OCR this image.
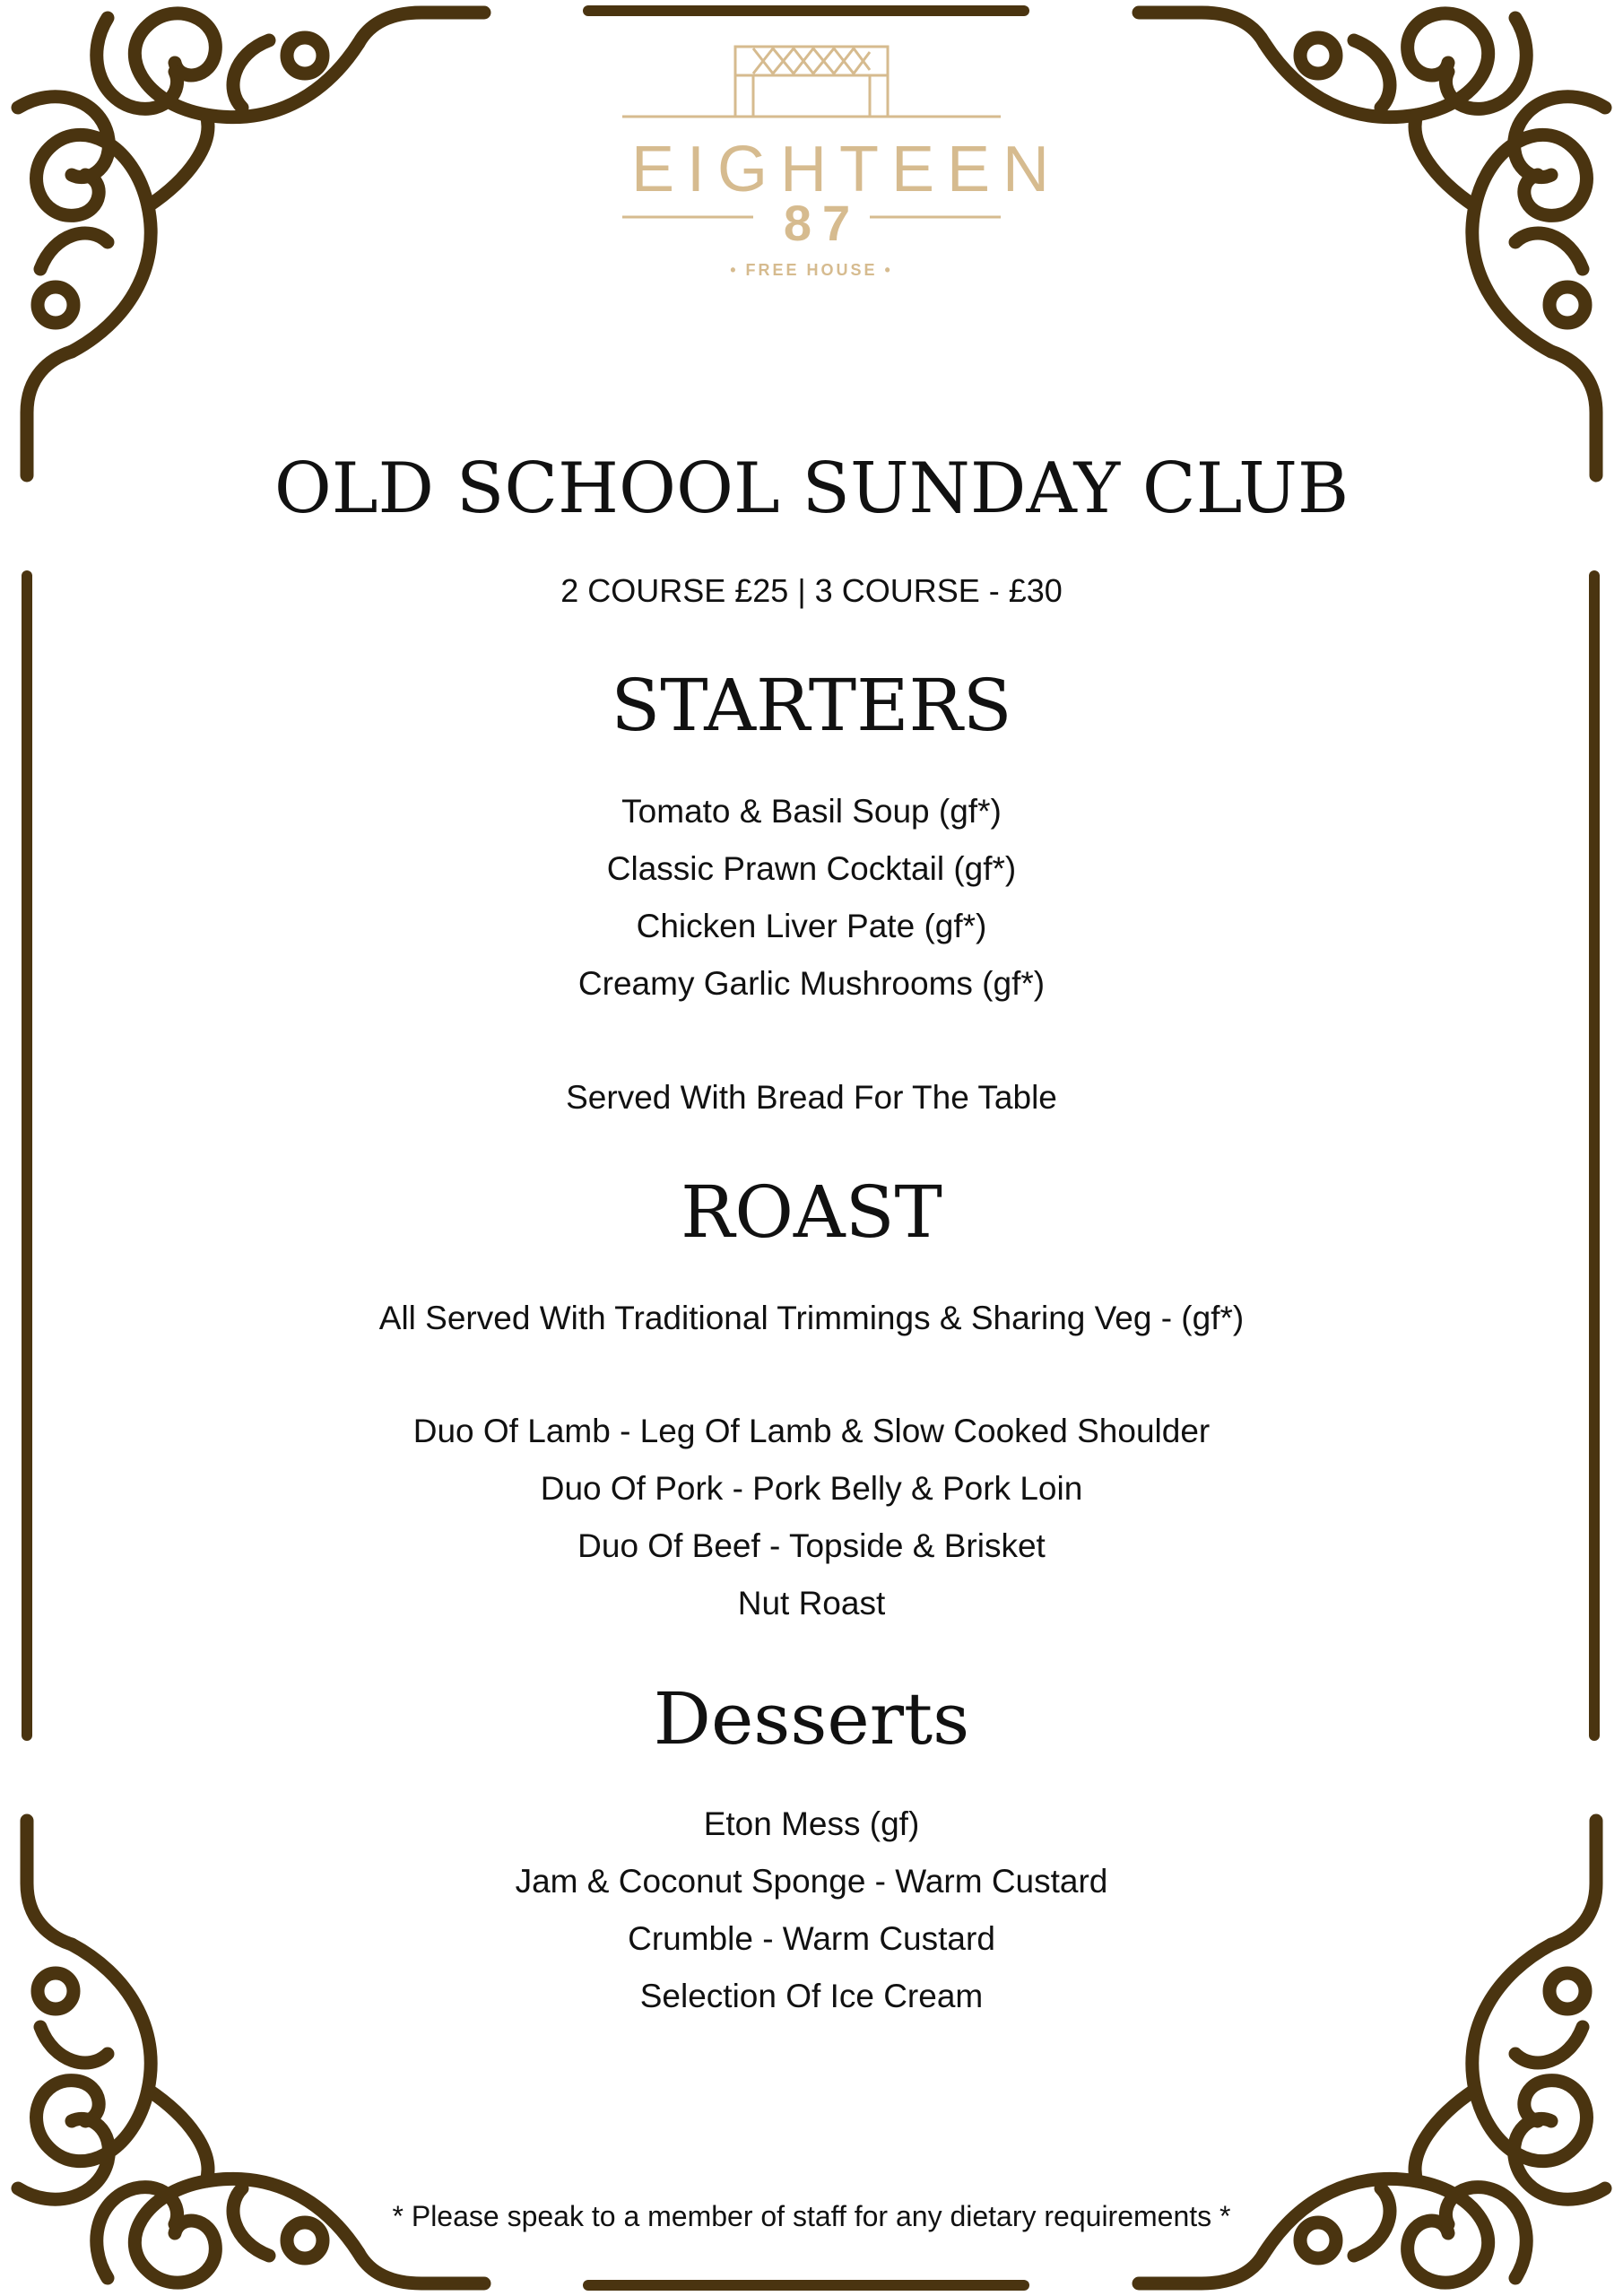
EIGHTEEN
87
• FREE HOUSE •
OLD SCHOOL SUNDAY CLUB
2 COURSE £25 | 3 COURSE - £30
STARTERS
Tomato & Basil Soup (gf*)
Classic Prawn Cocktail (gf*)
Chicken Liver Pate (gf*)
Creamy Garlic Mushrooms (gf*)
Served With Bread For The Table
ROAST
All Served With Traditional Trimmings & Sharing Veg - (gf*)
Duo Of Lamb - Leg Of Lamb & Slow Cooked Shoulder
Duo Of Pork - Pork Belly & Pork Loin
Duo Of Beef - Topside & Brisket
Nut Roast
Desserts
Eton Mess (gf)
Jam & Coconut Sponge - Warm Custard
Crumble - Warm Custard
Selection Of Ice Cream
* Please speak to a member of staff for any dietary requirements *
